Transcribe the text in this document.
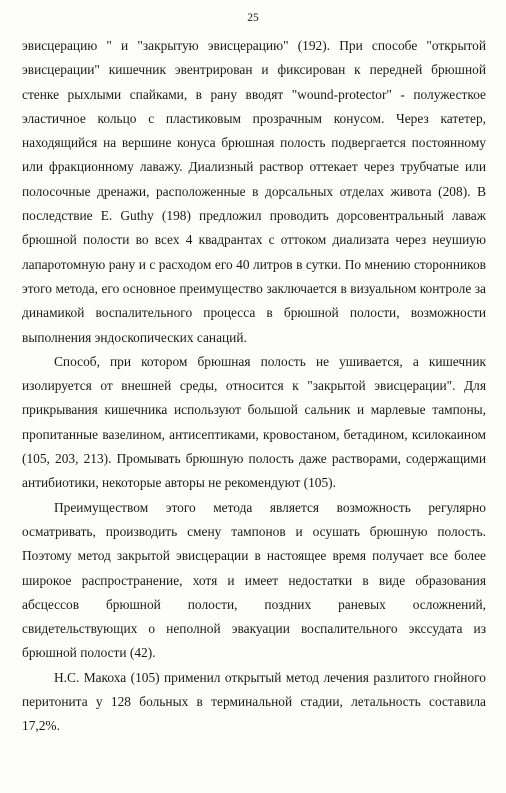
25

эвисцерацию " и "закрытую эвисцерацию" (192). При способе "открытой эвисцерации" кишечник эвентрирован и фиксирован к передней брюшной стенке рыхлыми спайками, в рану вводят "wound-protector" - полужесткое эластичное кольцо с пластиковым прозрачным конусом. Через катетер, находящийся на вершине конуса брюшная полость подвергается постоянному или фракционному лаважу. Диализный раствор оттекает через трубчатые или полосочные дренажи, расположенные в дорсальных отделах живота (208). В последствие E. Guthy (198) предложил проводить дорсовентральный лаваж брюшной полости во всех 4 квадрантах с оттоком диализата через неушиую лапаротомную рану и с расходом его 40 литров в сутки. По мнению сторонников этого метода, его основное преимущество заключается в визуальном контроле за динамикой воспалительного процесса в брюшной полости, возможности выполнения эндоскопических санаций.

Способ, при котором брюшная полость не ушивается, а кишечник изолируется от внешней среды, относится к "закрытой эвисцерации". Для прикрывания кишечника используют большой сальник и марлевые тампоны, пропитанные вазелином, антисептиками, кровостаном, бетадином, ксилокаином (105, 203, 213). Промывать брюшную полость даже растворами, содержащими антибиотики, некоторые авторы не рекомендуют (105).

Преимуществом этого метода является возможность регулярно осматривать, производить смену тампонов и осушать брюшную полость. Поэтому метод закрытой эвисцерации в настоящее время получает все более широкое распространение, хотя и имеет недостатки в виде образования абсцессов брюшной полости, поздних раневых осложнений, свидетельствующих о неполной эвакуации воспалительного экссудата из брюшной полости (42).

Н.С. Макоха (105) применил открытый метод лечения разлитого гнойного перитонита у 128 больных в терминальной стадии, летальность составила 17,2%.
